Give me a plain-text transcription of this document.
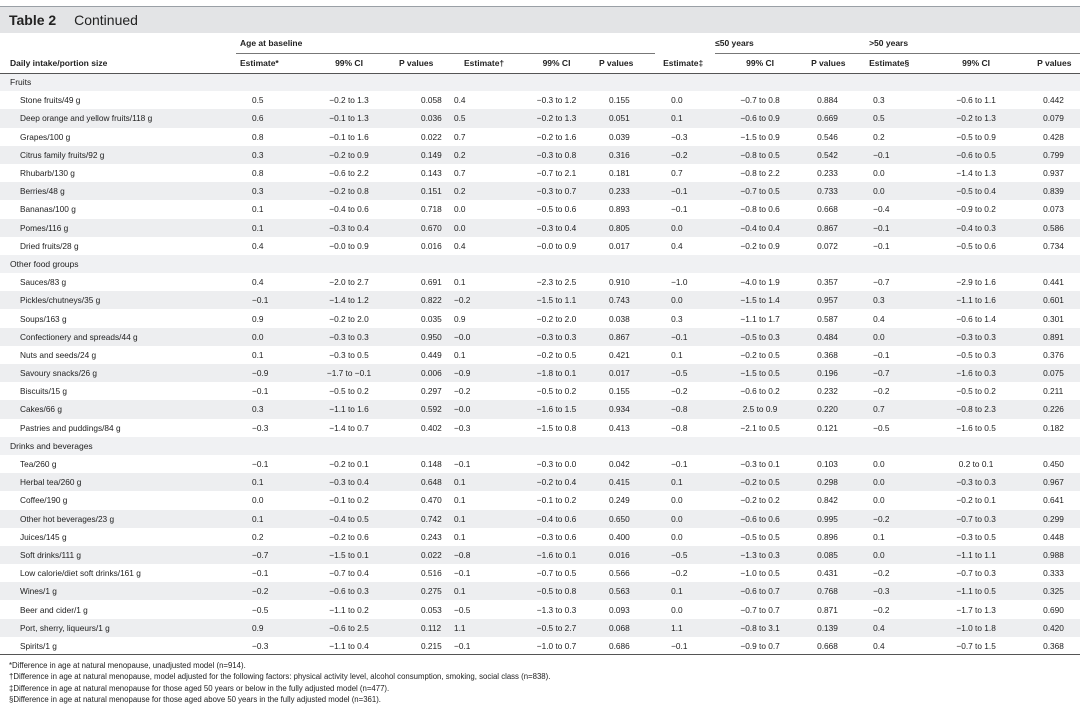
Table 2 Continued
	Age at baseline							≤50 years		>50 years		
Daily intake/portion size	Estimate*	99% CI	P values	Estimate†	99% CI	P values	Estimate‡	99% CI	P values	Estimate§	99% CI	P values
Fruits												
Stone fruits/49 g	0.5	−0.2 to 1.3	0.058	0.4	−0.3 to 1.2	0.155	0.0	−0.7 to 0.8	0.884	0.3	−0.6 to 1.1	0.442
Deep orange and yellow fruits/118 g	0.6	−0.1 to 1.3	0.036	0.5	−0.2 to 1.3	0.051	0.1	−0.6 to 0.9	0.669	0.5	−0.2 to 1.3	0.079
Grapes/100 g	0.8	−0.1 to 1.6	0.022	0.7	−0.2 to 1.6	0.039	−0.3	−1.5 to 0.9	0.546	0.2	−0.5 to 0.9	0.428
Citrus family fruits/92 g	0.3	−0.2 to 0.9	0.149	0.2	−0.3 to 0.8	0.316	−0.2	−0.8 to 0.5	0.542	−0.1	−0.6 to 0.5	0.799
Rhubarb/130 g	0.8	−0.6 to 2.2	0.143	0.7	−0.7 to 2.1	0.181	0.7	−0.8 to 2.2	0.233	0.0	−1.4 to 1.3	0.937
Berries/48 g	0.3	−0.2 to 0.8	0.151	0.2	−0.3 to 0.7	0.233	−0.1	−0.7 to 0.5	0.733	0.0	−0.5 to 0.4	0.839
Bananas/100 g	0.1	−0.4 to 0.6	0.718	0.0	−0.5 to 0.6	0.893	−0.1	−0.8 to 0.6	0.668	−0.4	−0.9 to 0.2	0.073
Pomes/116 g	0.1	−0.3 to 0.4	0.670	0.0	−0.3 to 0.4	0.805	0.0	−0.4 to 0.4	0.867	−0.1	−0.4 to 0.3	0.586
Dried fruits/28 g	0.4	−0.0 to 0.9	0.016	0.4	−0.0 to 0.9	0.017	0.4	−0.2 to 0.9	0.072	−0.1	−0.5 to 0.6	0.734
Other food groups												
Sauces/83 g	0.4	−2.0 to 2.7	0.691	0.1	−2.3 to 2.5	0.910	−1.0	−4.0 to 1.9	0.357	−0.7	−2.9 to 1.6	0.441
Pickles/chutneys/35 g	−0.1	−1.4 to 1.2	0.822	−0.2	−1.5 to 1.1	0.743	0.0	−1.5 to 1.4	0.957	0.3	−1.1 to 1.6	0.601
Soups/163 g	0.9	−0.2 to 2.0	0.035	0.9	−0.2 to 2.0	0.038	0.3	−1.1 to 1.7	0.587	0.4	−0.6 to 1.4	0.301
Confectionery and spreads/44 g	0.0	−0.3 to 0.3	0.950	−0.0	−0.3 to 0.3	0.867	−0.1	−0.5 to 0.3	0.484	0.0	−0.3 to 0.3	0.891
Nuts and seeds/24 g	0.1	−0.3 to 0.5	0.449	0.1	−0.2 to 0.5	0.421	0.1	−0.2 to 0.5	0.368	−0.1	−0.5 to 0.3	0.376
Savoury snacks/26 g	−0.9	−1.7 to −0.1	0.006	−0.9	−1.8 to 0.1	0.017	−0.5	−1.5 to 0.5	0.196	−0.7	−1.6 to 0.3	0.075
Biscuits/15 g	−0.1	−0.5 to 0.2	0.297	−0.2	−0.5 to 0.2	0.155	−0.2	−0.6 to 0.2	0.232	−0.2	−0.5 to 0.2	0.211
Cakes/66 g	0.3	−1.1 to 1.6	0.592	−0.0	−1.6 to 1.5	0.934	−0.8	2.5 to 0.9	0.220	0.7	−0.8 to 2.3	0.226
Pastries and puddings/84 g	−0.3	−1.4 to 0.7	0.402	−0.3	−1.5 to 0.8	0.413	−0.8	−2.1 to 0.5	0.121	−0.5	−1.6 to 0.5	0.182
Drinks and beverages												
Tea/260 g	−0.1	−0.2 to 0.1	0.148	−0.1	−0.3 to 0.0	0.042	−0.1	−0.3 to 0.1	0.103	0.0	0.2 to 0.1	0.450
Herbal tea/260 g	0.1	−0.3 to 0.4	0.648	0.1	−0.2 to 0.4	0.415	0.1	−0.2 to 0.5	0.298	0.0	−0.3 to 0.3	0.967
Coffee/190 g	0.0	−0.1 to 0.2	0.470	0.1	−0.1 to 0.2	0.249	0.0	−0.2 to 0.2	0.842	0.0	−0.2 to 0.1	0.641
Other hot beverages/23 g	0.1	−0.4 to 0.5	0.742	0.1	−0.4 to 0.6	0.650	0.0	−0.6 to 0.6	0.995	−0.2	−0.7 to 0.3	0.299
Juices/145 g	0.2	−0.2 to 0.6	0.243	0.1	−0.3 to 0.6	0.400	0.0	−0.5 to 0.5	0.896	0.1	−0.3 to 0.5	0.448
Soft drinks/111 g	−0.7	−1.5 to 0.1	0.022	−0.8	−1.6 to 0.1	0.016	−0.5	−1.3 to 0.3	0.085	0.0	−1.1 to 1.1	0.988
Low calorie/diet soft drinks/161 g	−0.1	−0.7 to 0.4	0.516	−0.1	−0.7 to 0.5	0.566	−0.2	−1.0 to 0.5	0.431	−0.2	−0.7 to 0.3	0.333
Wines/1 g	−0.2	−0.6 to 0.3	0.275	0.1	−0.5 to 0.8	0.563	0.1	−0.6 to 0.7	0.768	−0.3	−1.1 to 0.5	0.325
Beer and cider/1 g	−0.5	−1.1 to 0.2	0.053	−0.5	−1.3 to 0.3	0.093	0.0	−0.7 to 0.7	0.871	−0.2	−1.7 to 1.3	0.690
Port, sherry, liqueurs/1 g	0.9	−0.6 to 2.5	0.112	1.1	−0.5 to 2.7	0.068	1.1	−0.8 to 3.1	0.139	0.4	−1.0 to 1.8	0.420
Spirits/1 g	−0.3	−1.1 to 0.4	0.215	−0.1	−1.0 to 0.7	0.686	−0.1	−0.9 to 0.7	0.668	0.4	−0.7 to 1.5	0.368
*Difference in age at natural menopause, unadjusted model (n=914).
†Difference in age at natural menopause, model adjusted for the following factors: physical activity level, alcohol consumption, smoking, social class (n=838).
‡Difference in age at natural menopause for those aged 50 years or below in the fully adjusted model (n=477).
§Difference in age at natural menopause for those aged above 50 years in the fully adjusted model (n=361).
